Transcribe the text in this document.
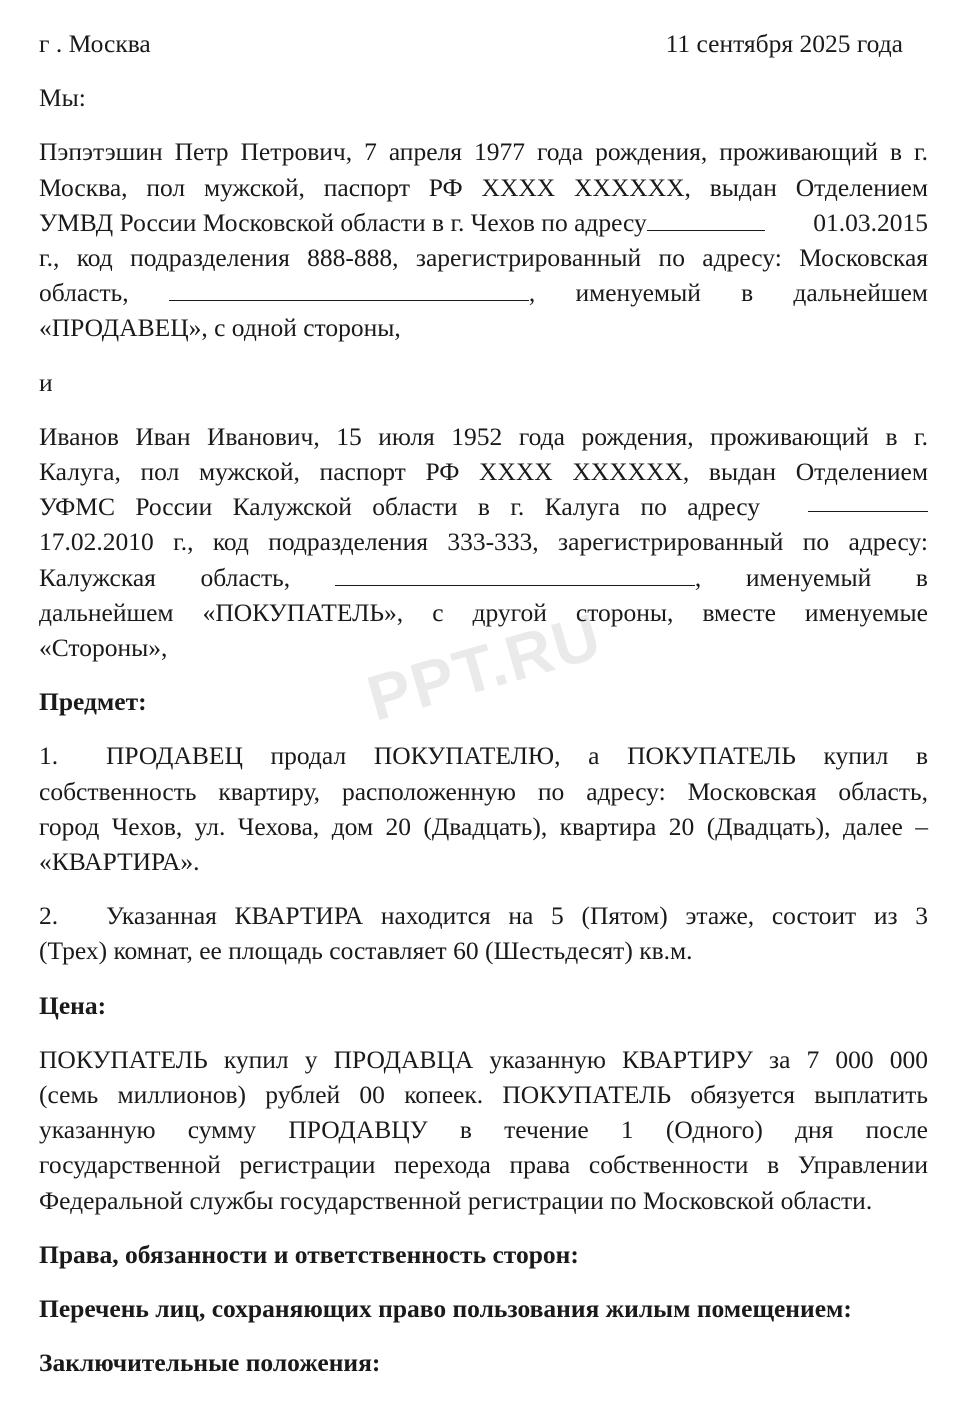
PPT.RU
г . Москва	11 сентября 2025 года

Мы:

Пэпэтэшин Петр Петрович, 7 апреля 1977 года рождения, проживающий в г.
Москва, пол мужской, паспорт РФ XXXX XXXXXX, выдан Отделением
УМВД России Московской области в г. Чехов по адресу	01.03.2015
г., код подразделения 888-888, зарегистрированный по адресу: Московская
область,	, именуемый в дальнейшем
«ПРОДАВЕЦ», с одной стороны,

и

Иванов Иван Иванович, 15 июля 1952 года рождения, проживающий в г.
Калуга, пол мужской, паспорт РФ XXXX XXXXXX, выдан Отделением
УФМС России Калужской области в г. Калуга по адресу
17.02.2010 г., код подразделения 333-333, зарегистрированный по адресу:
Калужская область,	, именуемый в
дальнейшем «ПОКУПАТЕЛЬ», с другой стороны, вместе именуемые
«Стороны»,

Предмет:

1.	ПРОДАВЕЦ продал ПОКУПАТЕЛЮ, а ПОКУПАТЕЛЬ купил в
собственность квартиру, расположенную по адресу: Московская область,
город Чехов, ул. Чехова, дом 20 (Двадцать), квартира 20 (Двадцать), далее –
«КВАРТИРА».

2.	Указанная КВАРТИРА находится на 5 (Пятом) этаже, состоит из 3
(Трех) комнат, ее площадь составляет 60 (Шестьдесят) кв.м.

Цена:

ПОКУПАТЕЛЬ купил у ПРОДАВЦА указанную КВАРТИРУ за 7 000 000
(семь миллионов) рублей 00 копеек. ПОКУПАТЕЛЬ обязуется выплатить
указанную сумму ПРОДАВЦУ в течение 1 (Одного) дня после
государственной регистрации перехода права собственности в Управлении
Федеральной службы государственной регистрации по Московской области.

Права, обязанности и ответственность сторон:
Перечень лиц, сохраняющих право пользования жилым помещением:
Заключительные положения:
